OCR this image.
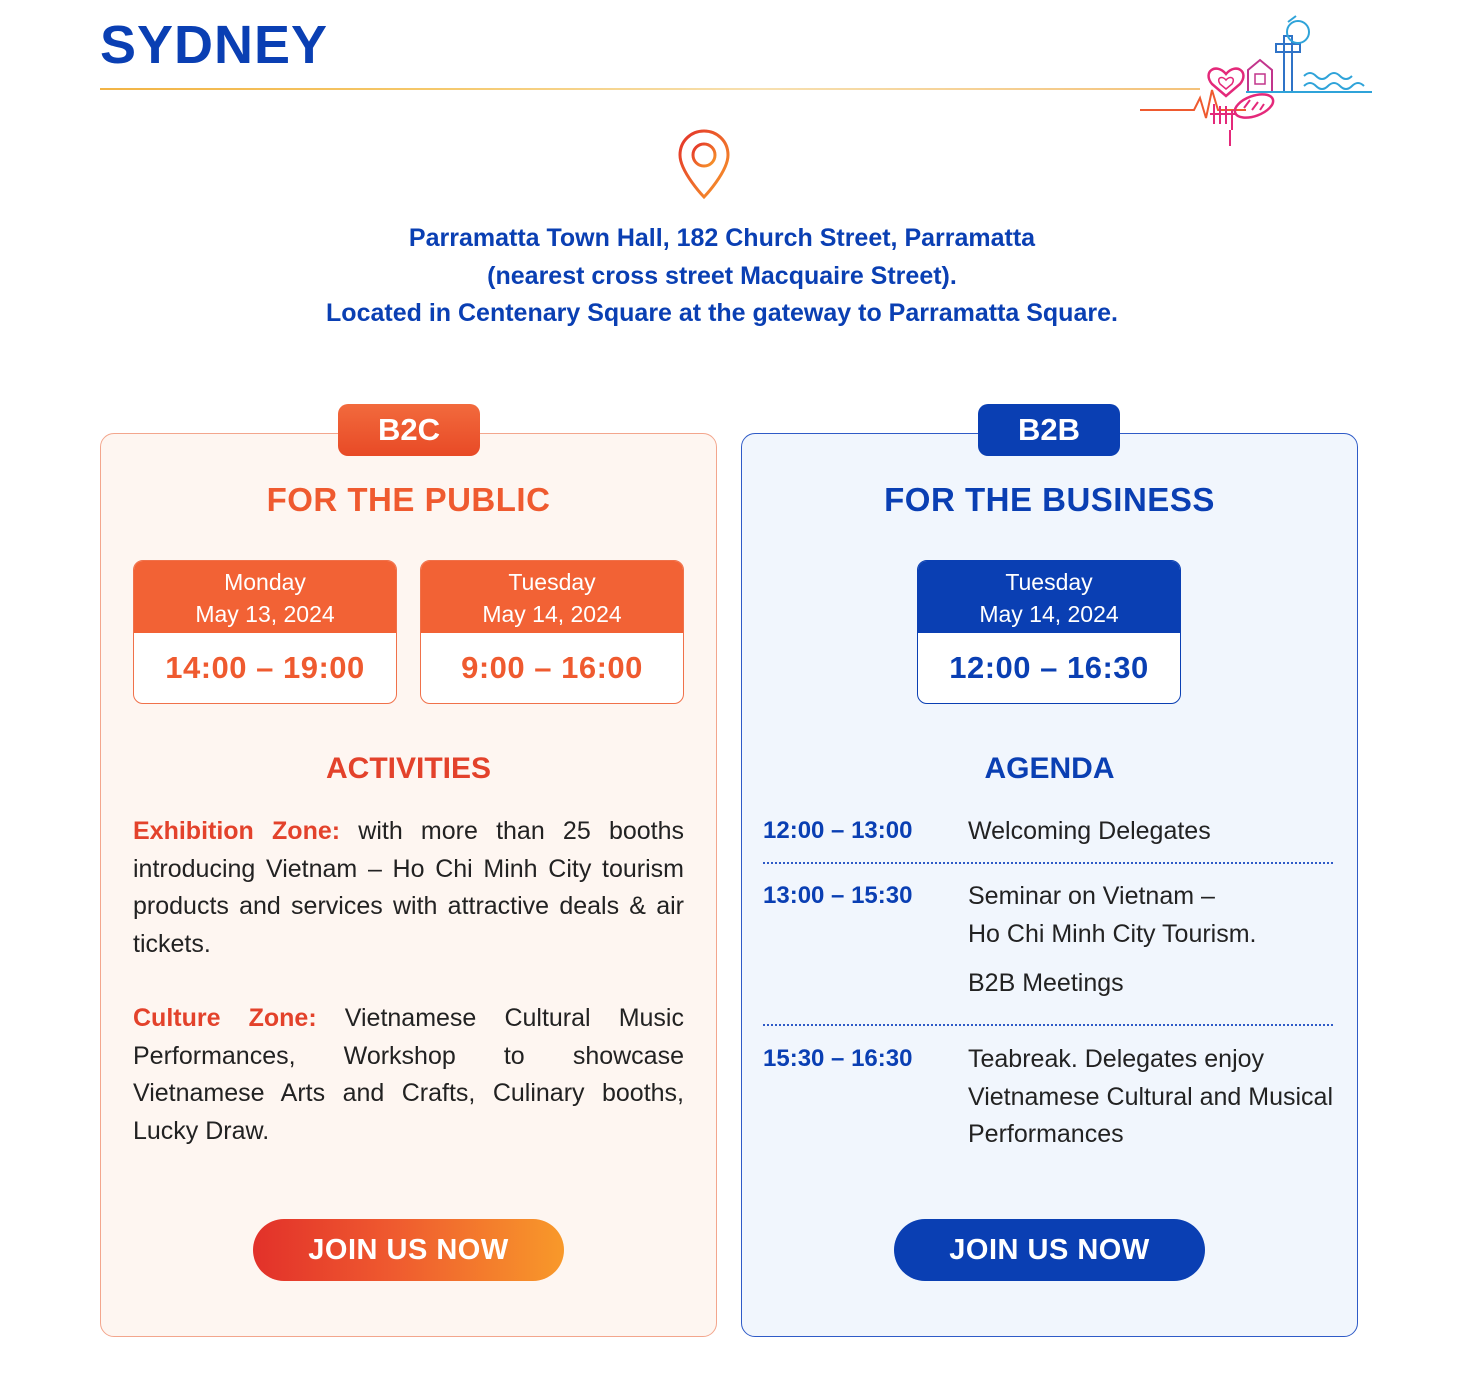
SYDNEY
Parramatta Town Hall, 182 Church Street, Parramatta
(nearest cross street Macquaire Street).
Located in Centenary Square at the gateway to Parramatta Square.
B2C
FOR THE PUBLIC
Monday
May 13, 2024
14:00 – 19:00
Tuesday
May 14, 2024
9:00 – 16:00
ACTIVITIES
Exhibition Zone: with more than 25 booths introducing Vietnam – Ho Chi Minh City tourism products and services with attractive deals & air tickets.
Culture Zone: Vietnamese Cultural Music Performances, Workshop to showcase Vietnamese Arts and Crafts, Culinary booths, Lucky Draw.
JOIN US NOW
B2B
FOR THE BUSINESS
Tuesday
May 14, 2024
12:00 – 16:30
AGENDA
12:00 – 13:00 Welcoming Delegates
13:00 – 15:30 Seminar on Vietnam –
Ho Chi Minh City Tourism.
B2B Meetings
15:30 – 16:30 Teabreak. Delegates enjoy Vietnamese Cultural and Musical Performances
JOIN US NOW
